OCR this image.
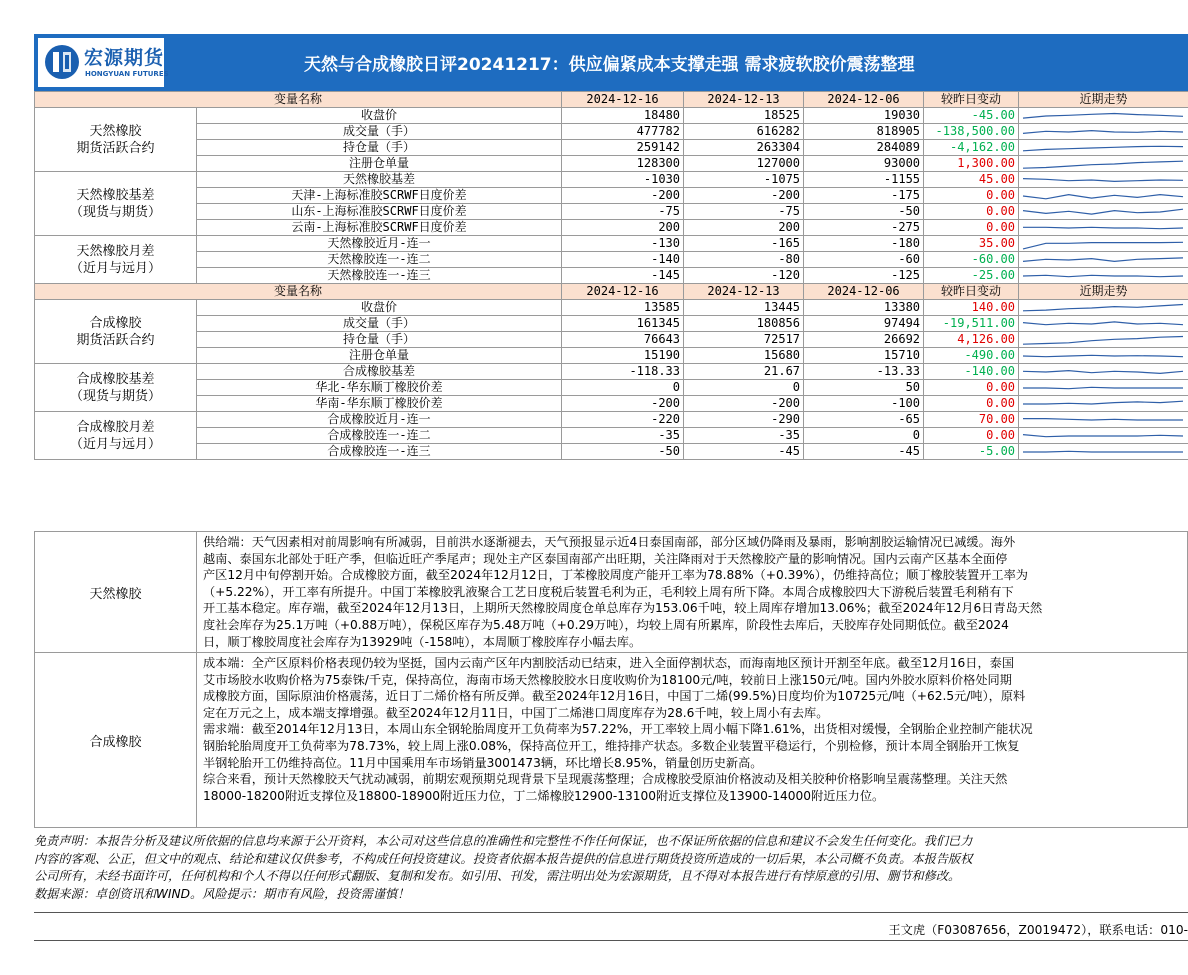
宏源期货
HONGYUAN FUTURES	天然与合成橡胶日评20241217：供应偏紧成本支撑走强 需求疲软胶价震荡整理
变量名称		2024-12-16	2024-12-13	2024-12-06	较昨日变动	近期走势
天然橡胶
期货活跃合约	收盘价	18480	18525	19030	-45.00	

	成交量（手）	477782	616282	818905	-138,500.00	

	持仓量（手）	259142	263304	284089	-4,162.00	

	注册仓单量	128300	127000	93000	1,300.00	

天然橡胶基差
（现货与期货）	天然橡胶基差	-1030	-1075	-1155	45.00	

	天津-上海标准胶SCRWF日度价差	-200	-200	-175	0.00	

	山东-上海标准胶SCRWF日度价差	-75	-75	-50	0.00	

	云南-上海标准胶SCRWF日度价差	200	200	-275	0.00	

天然橡胶月差
（近月与远月）	天然橡胶近月-连一	-130	-165	-180	35.00	

	天然橡胶连一-连二	-140	-80	-60	-60.00	

	天然橡胶连一-连三	-145	-120	-125	-25.00	

变量名称		2024-12-16	2024-12-13	2024-12-06	较昨日变动	近期走势
合成橡胶
期货活跃合约	收盘价	13585	13445	13380	140.00	

	成交量（手）	161345	180856	97494	-19,511.00	

	持仓量（手）	76643	72517	26692	4,126.00	

	注册仓单量	15190	15680	15710	-490.00	

合成橡胶基差
（现货与期货）	合成橡胶基差	-118.33	21.67	-13.33	-140.00	

	华北-华东顺丁橡胶价差	0	0	50	0.00	

	华南-华东顺丁橡胶价差	-200	-200	-100	0.00	

合成橡胶月差
（近月与远月）	合成橡胶近月-连一	-220	-290	-65	70.00	

	合成橡胶连一-连二	-35	-35	0	0.00	

	合成橡胶连一-连三	-50	-45	-45	-5.00	
天然橡胶
供给端：天气因素相对前周影响有所减弱，目前洪水逐渐褪去，天气预报显示近4日泰国南部，部分区域仍降雨及暴雨，影响割胶运输情况已减缓。海外
越南、泰国东北部处于旺产季，但临近旺产季尾声；现处主产区泰国南部产出旺期，关注降雨对于天然橡胶产量的影响情况。国内云南产区基本全面停
产区12月中旬停割开始。合成橡胶方面，截至2024年12月12日，丁苯橡胶周度产能开工率为78.88%（+0.39%），仍维持高位；顺丁橡胶装置开工率为
（+5.22%），开工率有所提升。中国丁苯橡胶乳液聚合工艺日度税后装置毛利为正，毛利较上周有所下降。本周合成橡胶四大下游税后装置毛利稍有下
开工基本稳定。库存端，截至2024年12月13日，上期所天然橡胶周度仓单总库存为153.06千吨，较上周库存增加13.06%；截至2024年12月6日青岛天然
度社会库存为25.1万吨（+0.88万吨），保税区库存为5.48万吨（+0.29万吨），均较上周有所累库，阶段性去库后，天胶库存处同期低位。截至2024
日，顺丁橡胶周度社会库存为13929吨（-158吨），本周顺丁橡胶库存小幅去库。
合成橡胶
成本端：全产区原料价格表现仍较为坚挺，国内云南产区年内割胶活动已结束，进入全面停割状态，而海南地区预计开割至年底。截至12月16日，泰国
艾市场胶水收购价格为75泰铢/千克，保持高位，海南市场天然橡胶胶水日度收购价为18100元/吨，较前日上涨150元/吨。国内外胶水原料价格处同期
成橡胶方面，国际原油价格震荡，近日丁二烯价格有所反弹。截至2024年12月16日，中国丁二烯(99.5%)日度均价为10725元/吨（+62.5元/吨），原料
定在万元之上，成本端支撑增强。截至2024年12月11日，中国丁二烯港口周度库存为28.6千吨，较上周小有去库。
需求端：截至2014年12月13日，本周山东全钢轮胎周度开工负荷率为57.22%，开工率较上周小幅下降1.61%，出货相对缓慢，全钢胎企业控制产能状况
钢胎轮胎周度开工负荷率为78.73%，较上周上涨0.08%，保持高位开工，维持排产状态。多数企业装置平稳运行，个别检修，预计本周全钢胎开工恢复
半钢轮胎开工仍维持高位。11月中国乘用车市场销量3001473辆，环比增长8.95%，销量创历史新高。
综合来看，预计天然橡胶天气扰动减弱，前期宏观预期兑现背景下呈现震荡整理；合成橡胶受原油价格波动及相关胶种价格影响呈震荡整理。关注天然
18000-18200附近支撑位及18800-18900附近压力位，丁二烯橡胶12900-13100附近支撑位及13900-14000附近压力位。
免责声明：本报告分析及建议所依据的信息均来源于公开资料，本公司对这些信息的准确性和完整性不作任何保证，也不保证所依据的信息和建议不会发生任何变化。我们已力
内容的客观、公正，但文中的观点、结论和建议仅供参考，不构成任何投资建议。投资者依据本报告提供的信息进行期货投资所造成的一切后果，本公司概不负责。本报告版权
公司所有，未经书面许可，任何机构和个人不得以任何形式翻版、复制和发布。如引用、刊发，需注明出处为宏源期货，且不得对本报告进行有悖原意的引用、删节和修改。
数据来源：卓创资讯和WIND。风险提示：期市有风险，投资需谨慎！
王文虎（F03087656，Z0019472），联系电话：010-
